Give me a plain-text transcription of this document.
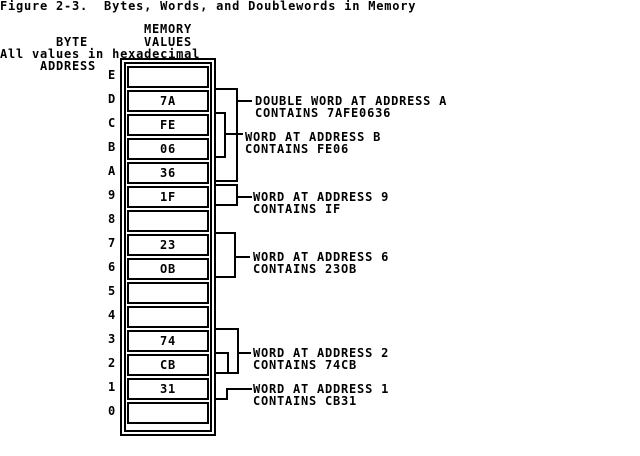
Figure 2-3.  Bytes, Words, and Doublewords in Memory
MEMORY
BYTE	VALUES
All values in hexadecimal
ADDRESS
E
D
C
B
A
9
8
7
6
5
4
3
2
1
0
7A
FE
06
36
1F
23
OB
74
CB
31
DOUBLE WORD AT ADDRESS A
CONTAINS 7AFE0636
WORD AT ADDRESS B
CONTAINS FE06
WORD AT ADDRESS 9
CONTAINS IF
WORD AT ADDRESS 6
CONTAINS 23OB
WORD AT ADDRESS 2
CONTAINS 74CB
WORD AT ADDRESS 1
CONTAINS CB31
